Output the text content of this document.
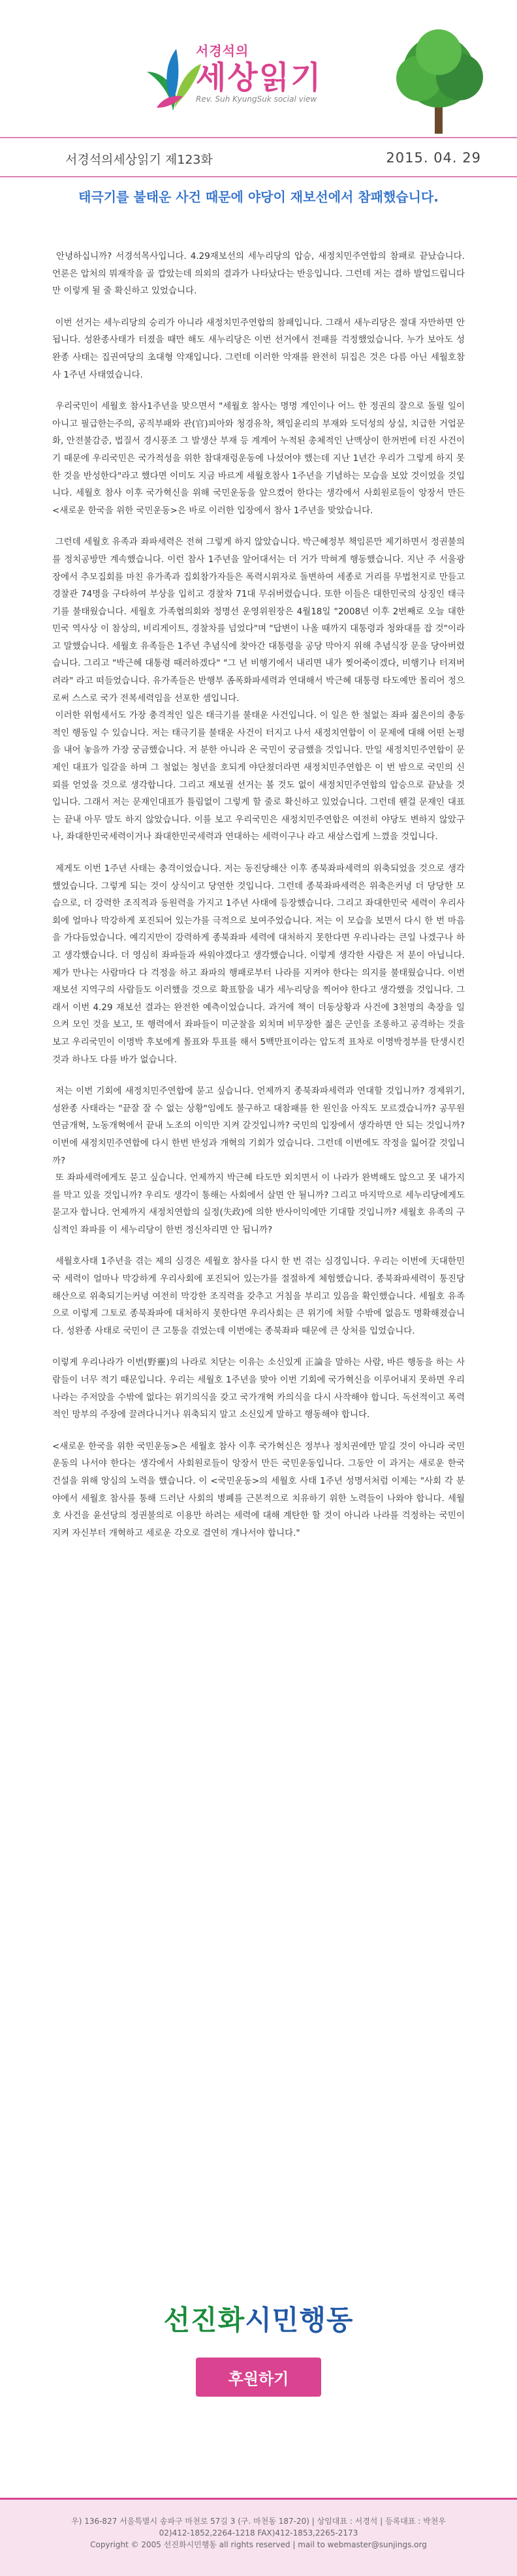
서경석의
세상읽기
Rev. Suh KyungSuk social view
서경석의세상읽기 제123화	2015. 04. 29
태극기를 불태운 사건 때문에 야당이 재보선에서 참패했습니다.

안녕하십니까? 서경석목사입니다. 4.29재보선의 세누리당의 압승, 새정치민주연합의 참패로 끝났습니다. 언론은 압처의 뭐재작을 골 깝았는데 의외의 결과가 나타났다는 반응입니다. 그런데 저는 결하 발업드립니다만 이렇게 될 줄 확신하고 있었습니다.

이번 선거는 세누리당의 승리가 아니라 새정치민주연합의 참패입니다. 그래서 새누리당은 절대 자만하면 안 됩니다. 성완종사태가 터졌을 때만 해도 새누리당은 이번 선거에서 전패를 걱정했었습니다. 누가 보아도 성완종 사태는 집권여당의 초대형 악재입니다. 그런데 이러한 악재를 완전히 뒤집은 것은 다름 아닌 세월호참사 1주년 사태였습니다.

우리국민이 세월호 참사1주년을 맞으면서 "세월호 참사는 명명 계인이나 어느 한 정권의 잘으로 돌릴 일이 아니고 필급한는주의, 공직부패와 관(官)피아와 청경유착, 책임윤리의 부재와 도덕성의 상실, 치급한 거업문화, 안전불감증, 법질서 경시풍조 그 발생산 부재 등 계계어 누적된 총체적인 난맥상이 한꺼번에 터진 사건이기 때문에 우리국민은 국가적성을 위한 참대재렁운동에 나섰어야 했는데 지난 1년간 우리가 그렇게 하지 못한 것을 반성한다"라고 했다면 이미도 지금 바르게 세월호참사 1주년을 기념하는 모습을 보았 것이었을 것입니다. 세월호 참사 이후 국가혁신을 위해 국민운동을 앞으켰어 한다는 생각에서 사회원로들이 앙장서 만든 <새로운 한국을 위한 국민운동>은 바로 이러한 입장에서 참사 1주년을 맞았습니다.

그런데 세월호 유족과 좌파세력은 전혀 그렇게 하지 않았습니다. 박근혜정부 책임론만 제기하면서 정권불의를 정치공방만 계속했습니다. 이런 참사 1주년을 앞어대서는 더 거가 막혀게 행동했습니다. 지난 주 서울광장에서 추모집회를 마친 유가족과 집회참가자들은 폭력시위자로 돌변하여 세종로 거리를 무법천지로 만들고 경찰관 74명을 구타하여 부상을 입히고 경찰차 71대 무쉬버렸습니다. 또한 이들은 대한민국의 상징인 태극기를 불태웠습니다. 세월호 가족협의회와 정명선 운영위원장은 4월18일 "2008년 이후 2번째로 오늘 대한민국 역사상 이 참상의, 비리게이트, 경찰차를 넘었다"며 "답변이 나올 때까지 대통령과 청와대를 잡 것"이라고 말했습니다. 세월호 유족들은 1주년 추념식에 찾아간 대통령을 공당 막아지 위해 추념식장 문을 당아버렸습니다. 그리고 "박근혜 대통령 때러하겠다" "그 년 비행기에서 내리면 내가 찢어죽이겠다, 비행기나 터져버려라" 라고 떠들었습니다. 유가족들은 반행부 좀폭화파세력과 연대해서 박근혜 대통령 타도예만 몰리어 정으로써 스스로 국가 전복세력임을 선포한 셈입니다.

이러한 위험세서도 가장 충격적인 일은 태극기를 불태운 사건입니다. 이 일은 한 철없는 좌파 젊은이의 충동적인 행동일 수 있습니다. 저는 태극기를 불태운 사건이 터지고 나서 새정치연합이 이 문제에 대해 어떤 논평을 내어 놓을까 가장 궁금했습니다. 저 분한 아니라 온 국민이 궁금했을 것입니다. 만일 새정치민주연합이 문제인 대표가 일갈을 하며 그 철없는 청년을 호되게 야단쳤더라면 새정치민주연합은 이 번 밤으로 국민의 신뢰를 얻었을 것으로 생각합니다. 그리고 재보궐 선거는 볼 것도 없이 새정치민주연합의 압승으로 끝났을 것입니다. 그래서 저는 문재인대표가 틀림없이 그렇게 할 줄로 확신하고 있었습니다. 그런데 웬걸 문재인 대표는 끝내 아무 말도 하지 않았습니다. 이를 보고 우리국민은 새정치민주연합은 여전히 야당도 변하지 않았구나, 좌대한민국세력이거나 좌대한민국세력과 연대하는 세력이구나 라고 새삼스럽게 느꼈을 것입니다.

제게도 이번 1주년 사태는 충격이었습니다. 저는 동진당해산 이후 종북좌파세력의 위축되었을 것으로 생각했었습니다. 그렇게 되는 것이 상식이고 당연한 것입니다. 그런데 종북좌파세력은 위축은커녕 더 당당한 모습으로, 더 강력한 조직적과 동원력을 가지고 1주년 사태에 등장했습니다. 그리고 좌대한민국 세력이 우리사회에 얼마나 막강하게 포진되어 있는가를 극적으로 보여주었습니다. 저는 이 모습을 보면서 다시 한 번 마음을 가다듬었습니다. 예긱지만이 강력하게 종북좌파 세력에 대처하지 못한다면 우리나라는 큰일 나겠구나 하고 생각했습니다. 더 영심히 좌파들과 싸워야겠다고 생각했습니다. 이렇게 생각한 사람은 저 분이 아닙니다. 제가 만나는 사람마다 다 걱정을 하고 좌파의 행패로부터 나라를 지켜야 한다는 의지를 불태웠습니다. 이번 재보선 지역구의 사람들도 이러했을 것으로 확표할을 내가 세누리당을 찍어야 한다고 생각했을 것입니다. 그래서 이번 4.29 재보선 결과는 완전한 예측이었습니다. 과거에 책이 더동상황과 사건에 3천명의 축장을 일으켜 모인 것을 보고, 또 행력에서 좌파들이 미군찰을 외치며 비무장한 젊은 군인을 조롱하고 공격하는 것을 보고 우리국민이 이명박 후보에게 몰표와 투표를 해서 5백만표이라는 압도적 표차로 이명박정부를 탄생시킨 것과 하나도 다를 바가 없습니다.

저는 이번 기회에 새정치민주연합에 묻고 싶습니다. 언제까지 종북좌파세력과 연대할 것입니까? 경제위기, 성완종 사태라는 "끝잘 잘 수 없는 상황"임에도 불구하고 대참패를 한 원인을 아직도 모르겠습니까? 공무원연금개혁, 노동개혁에서 끝내 노조의 이익만 지켜 갈것입니까? 국민의 입장에서 생각하면 안 되는 것입니까? 이번에 새정치민주연합에 다시 한번 반성과 개혁의 기회가 었습니다. 그런데 이번에도 작정을 잃어갈 것입니까?

또 좌파세력에게도 묻고 싶습니다. 언제까지 박근혜 타도만 외치면서 이 나라가 완벽해도 않으고 못 내가지를 막고 있을 것입니까? 우리도 생각이 통해는 사회에서 살면 안 될니까? 그리고 마지막으로 세누리당에게도 묻고자 합니다. 언제까지 새정치연합의 실정(失政)에 의한 반사이익에만 기대할 것입니까? 세월호 유족의 구심적인 좌파를 이 세누리당이 한번 정신차리면 안 됩니까?

세월호사태 1주년을 겪는 제의 심경은 세월호 참사를 다시 한 번 겪는 심경입니다. 우리는 이번에 天대한민국 세력이 얼마나 막강하게 우리사회에 포진되어 있는가를 절절하게 체험했습니다. 종북좌파세력이 통진당 해산으로 위축되기는커녕 여전히 막강한 조직력을 갖추고 거침을 부리고 있음을 확인했습니다. 세월호 유족으로 이렇게 그토로 종북좌파에 대처하지 못한다면 우리사회는 큰 위기에 처할 수밖에 없음도 명확해졌습니다. 성완종 사태로 국민이 큰 고통을 겪었는데 이번에는 종북좌파 때문에 큰 상처를 입었습니다.

이렇게 우리나라가 이번(野靈)의 나라로 치닫는 이유는 소신있게 正論을 말하는 사람, 바른 행동을 하는 사람들이 너무 적기 때문입니다. 우리는 세월호 1주년을 맞아 이번 기회에 국가혁신을 이루어내지 못하면 우리나라는 주저앉을 수밖에 없다는 위기의식을 갖고 국가개혁 카의식을 다시 사작해야 합니다. 독선적이고 폭력적인 망부의 주장에 끌려다니거나 위축되지 말고 소신있게 말하고 행동해야 합니다.

<새로운 한국을 위한 국민운동>은 세월호 참사 이후 국가혁신은 정부나 정치권에만 맡길 것이 아니라 국민운동의 나서야 한다는 생각에서 사회원로들이 앙장서 만든 국민운동입니다. 그동안 이 과거는 새로운 한국 건설을 위해 앙심의 노력을 했습니다. 이 <국민운동>의 세월호 사태 1주년 성명서처럼 이제는 "사회 각 분야에서 세월호 참사를 통해 드러난 사회의 병폐를 근본적으로 치유하기 위한 노력들이 나와야 합니다. 세월호 사건을 윤선당의 정권불의로 이용만 하려는 세력에 대해 계탄한 할 것이 아니라 나라를 걱정하는 국민이 지켜 자신부터 개혁하고 세로운 각오로 결연히 개나서야 합니다."

선진화시민행동
후원하기
우) 136-827 서울특별시 송파구 마천로 57길 3 (구. 마천동 187-20) | 상임대표 : 서경석 | 등록대표 : 박천우
02)412-1852,2264-1218 FAX)412-1853,2265-2173
Copyright © 2005 선진화시민행동 all rights reserved | mail to webmaster@sunjings.org
